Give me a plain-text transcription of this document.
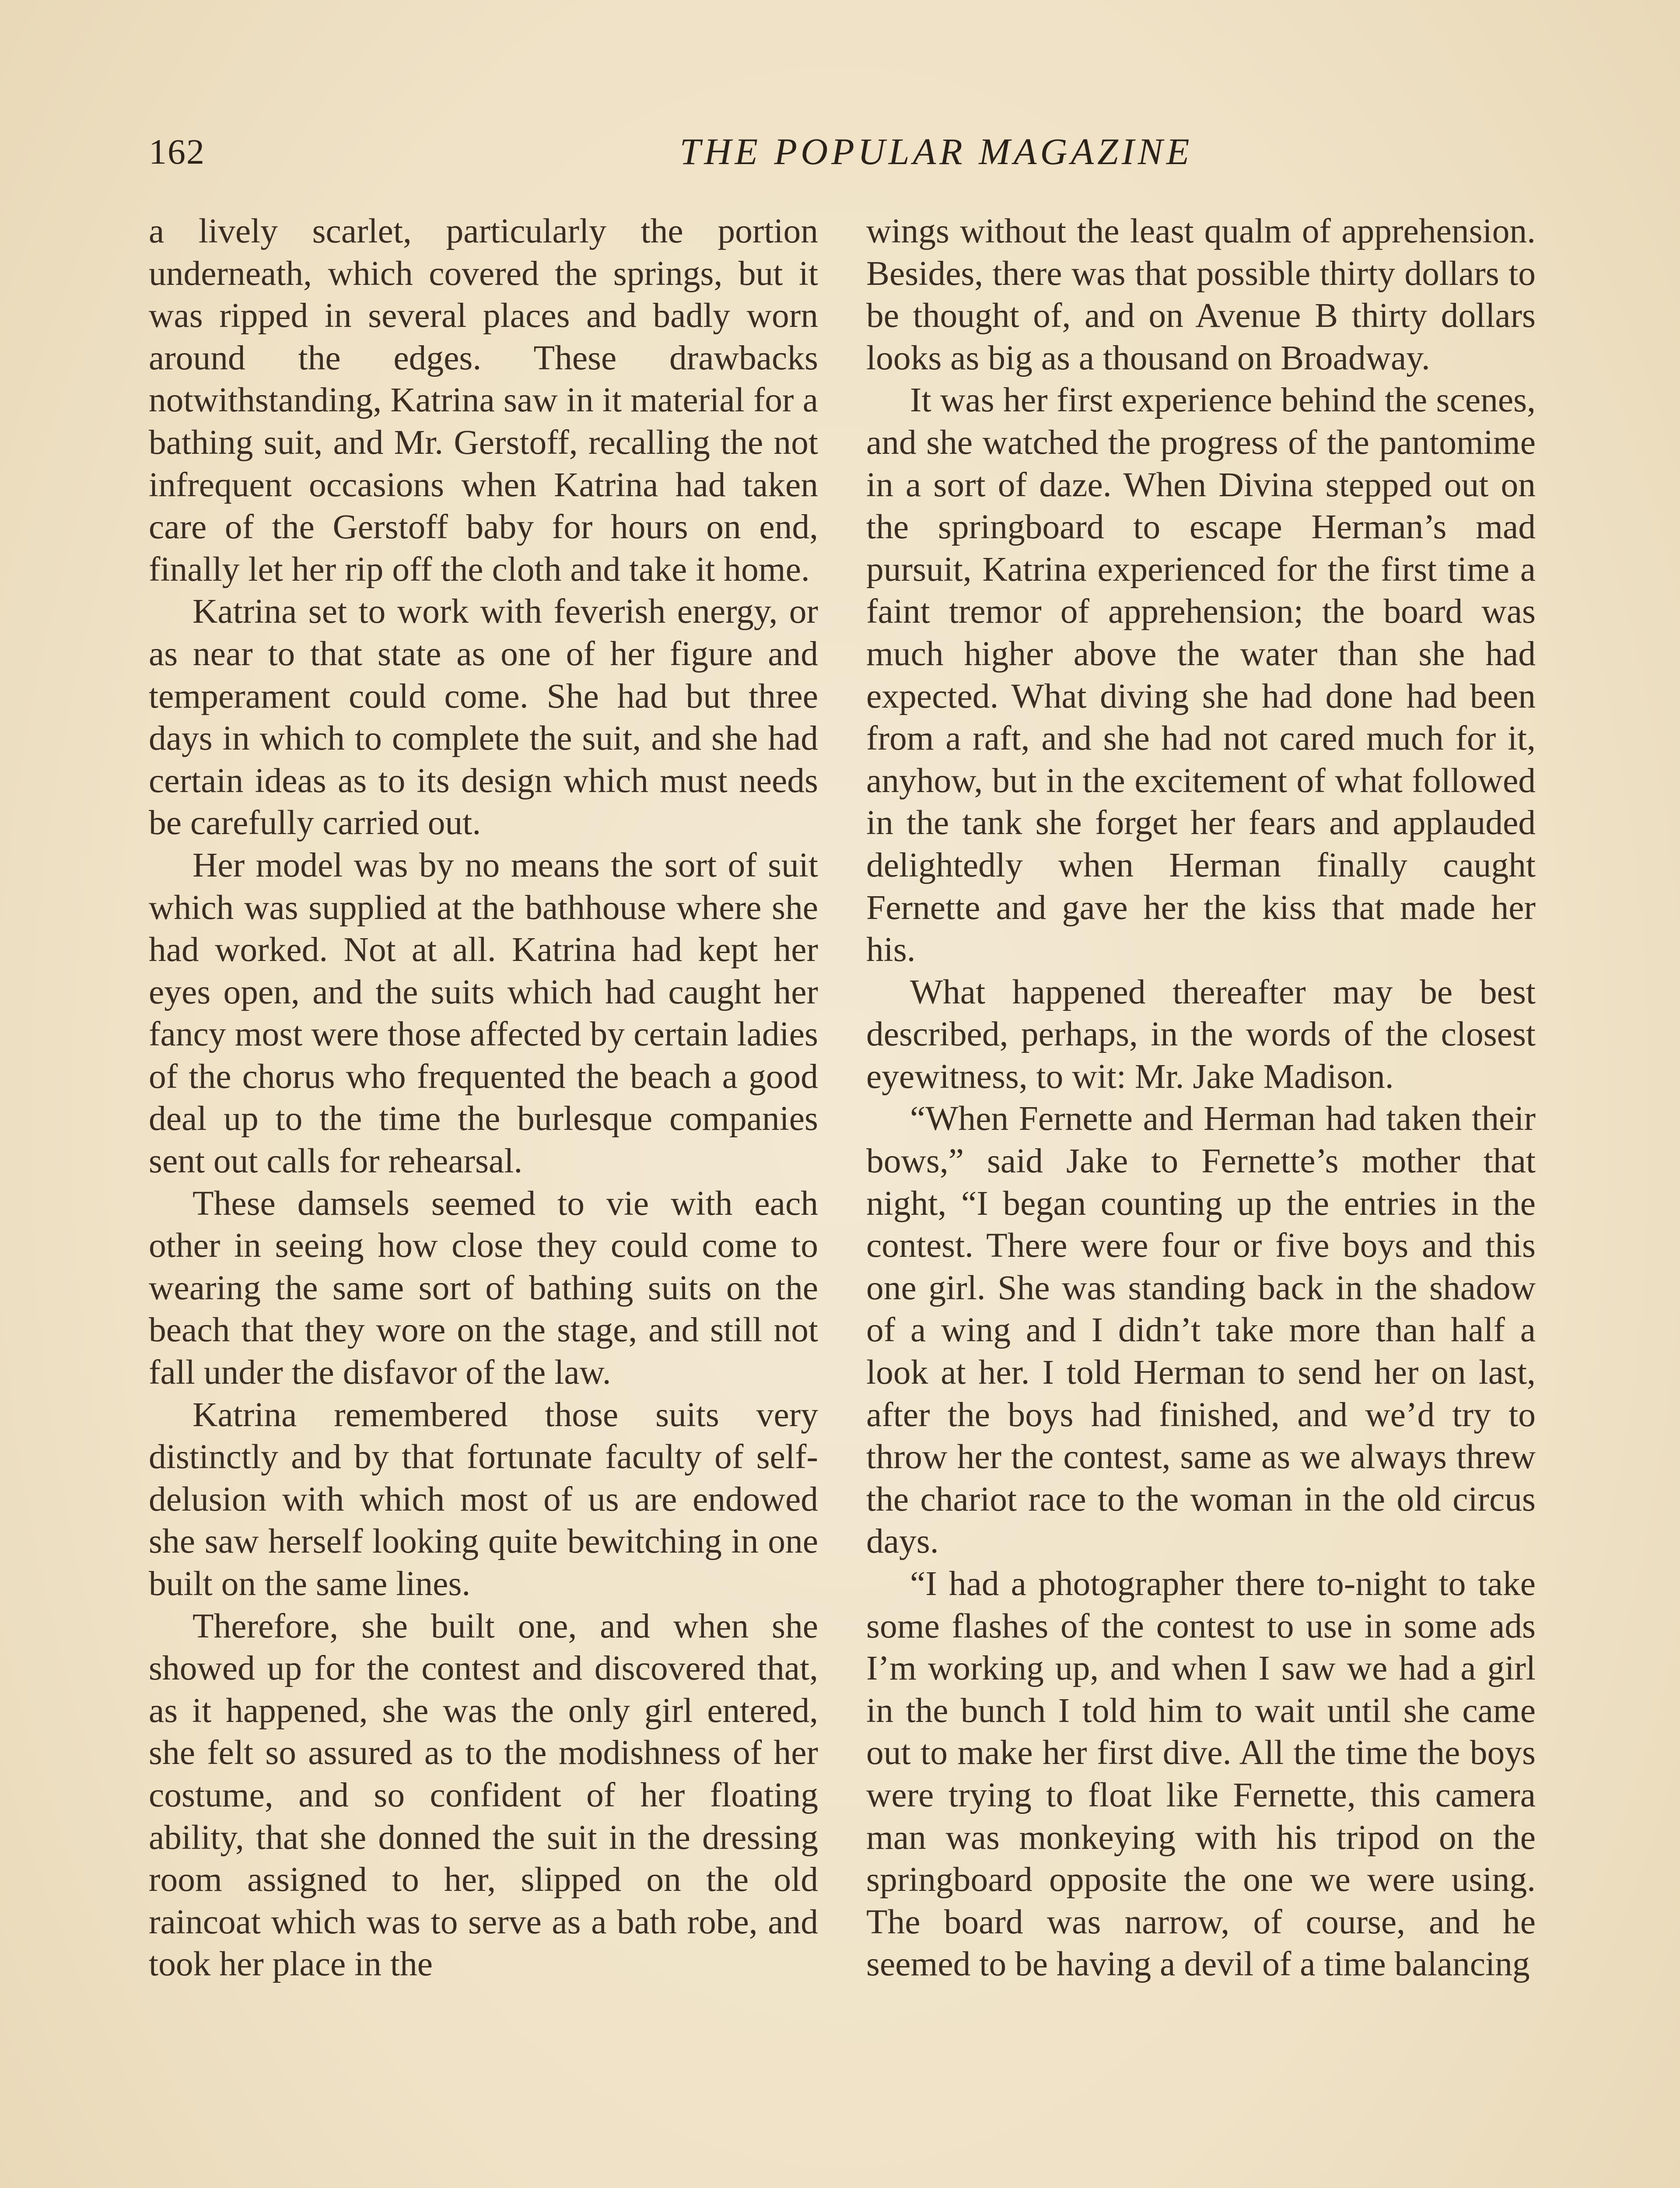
162	THE POPULAR MAGAZINE

a lively scarlet, particularly the portion underneath, which covered the springs, but it was ripped in several places and badly worn around the edges. These drawbacks notwithstanding, Katrina saw in it material for a bathing suit, and Mr. Gerstoff, recalling the not infrequent occasions when Katrina had taken care of the Gerstoff baby for hours on end, finally let her rip off the cloth and take it home.

Katrina set to work with feverish energy, or as near to that state as one of her figure and temperament could come. She had but three days in which to complete the suit, and she had certain ideas as to its design which must needs be carefully carried out.

Her model was by no means the sort of suit which was supplied at the bathhouse where she had worked. Not at all. Katrina had kept her eyes open, and the suits which had caught her fancy most were those affected by certain ladies of the chorus who frequented the beach a good deal up to the time the burlesque companies sent out calls for rehearsal.

These damsels seemed to vie with each other in seeing how close they could come to wearing the same sort of bathing suits on the beach that they wore on the stage, and still not fall under the disfavor of the law.

Katrina remembered those suits very distinctly and by that fortunate faculty of self-delusion with which most of us are endowed she saw herself looking quite bewitching in one built on the same lines.

Therefore, she built one, and when she showed up for the contest and discovered that, as it happened, she was the only girl entered, she felt so assured as to the modishness of her costume, and so confident of her floating ability, that she donned the suit in the dressing room assigned to her, slipped on the old raincoat which was to serve as a bath robe, and took her place in the

wings without the least qualm of apprehension. Besides, there was that possible thirty dollars to be thought of, and on Avenue B thirty dollars looks as big as a thousand on Broadway.

It was her first experience behind the scenes, and she watched the progress of the pantomime in a sort of daze. When Divina stepped out on the springboard to escape Herman’s mad pursuit, Katrina experienced for the first time a faint tremor of apprehension; the board was much higher above the water than she had expected. What diving she had done had been from a raft, and she had not cared much for it, anyhow, but in the excitement of what followed in the tank she forget her fears and applauded delightedly when Herman finally caught Fernette and gave her the kiss that made her his.

What happened thereafter may be best described, perhaps, in the words of the closest eyewitness, to wit: Mr. Jake Madison.

“When Fernette and Herman had taken their bows,” said Jake to Fernette’s mother that night, “I began counting up the entries in the contest. There were four or five boys and this one girl. She was standing back in the shadow of a wing and I didn’t take more than half a look at her. I told Herman to send her on last, after the boys had finished, and we’d try to throw her the contest, same as we always threw the chariot race to the woman in the old circus days.

“I had a photographer there to-night to take some flashes of the contest to use in some ads I’m working up, and when I saw we had a girl in the bunch I told him to wait until she came out to make her first dive. All the time the boys were trying to float like Fernette, this camera man was monkeying with his tripod on the springboard opposite the one we were using. The board was narrow, of course, and he seemed to be having a devil of a time balancing
